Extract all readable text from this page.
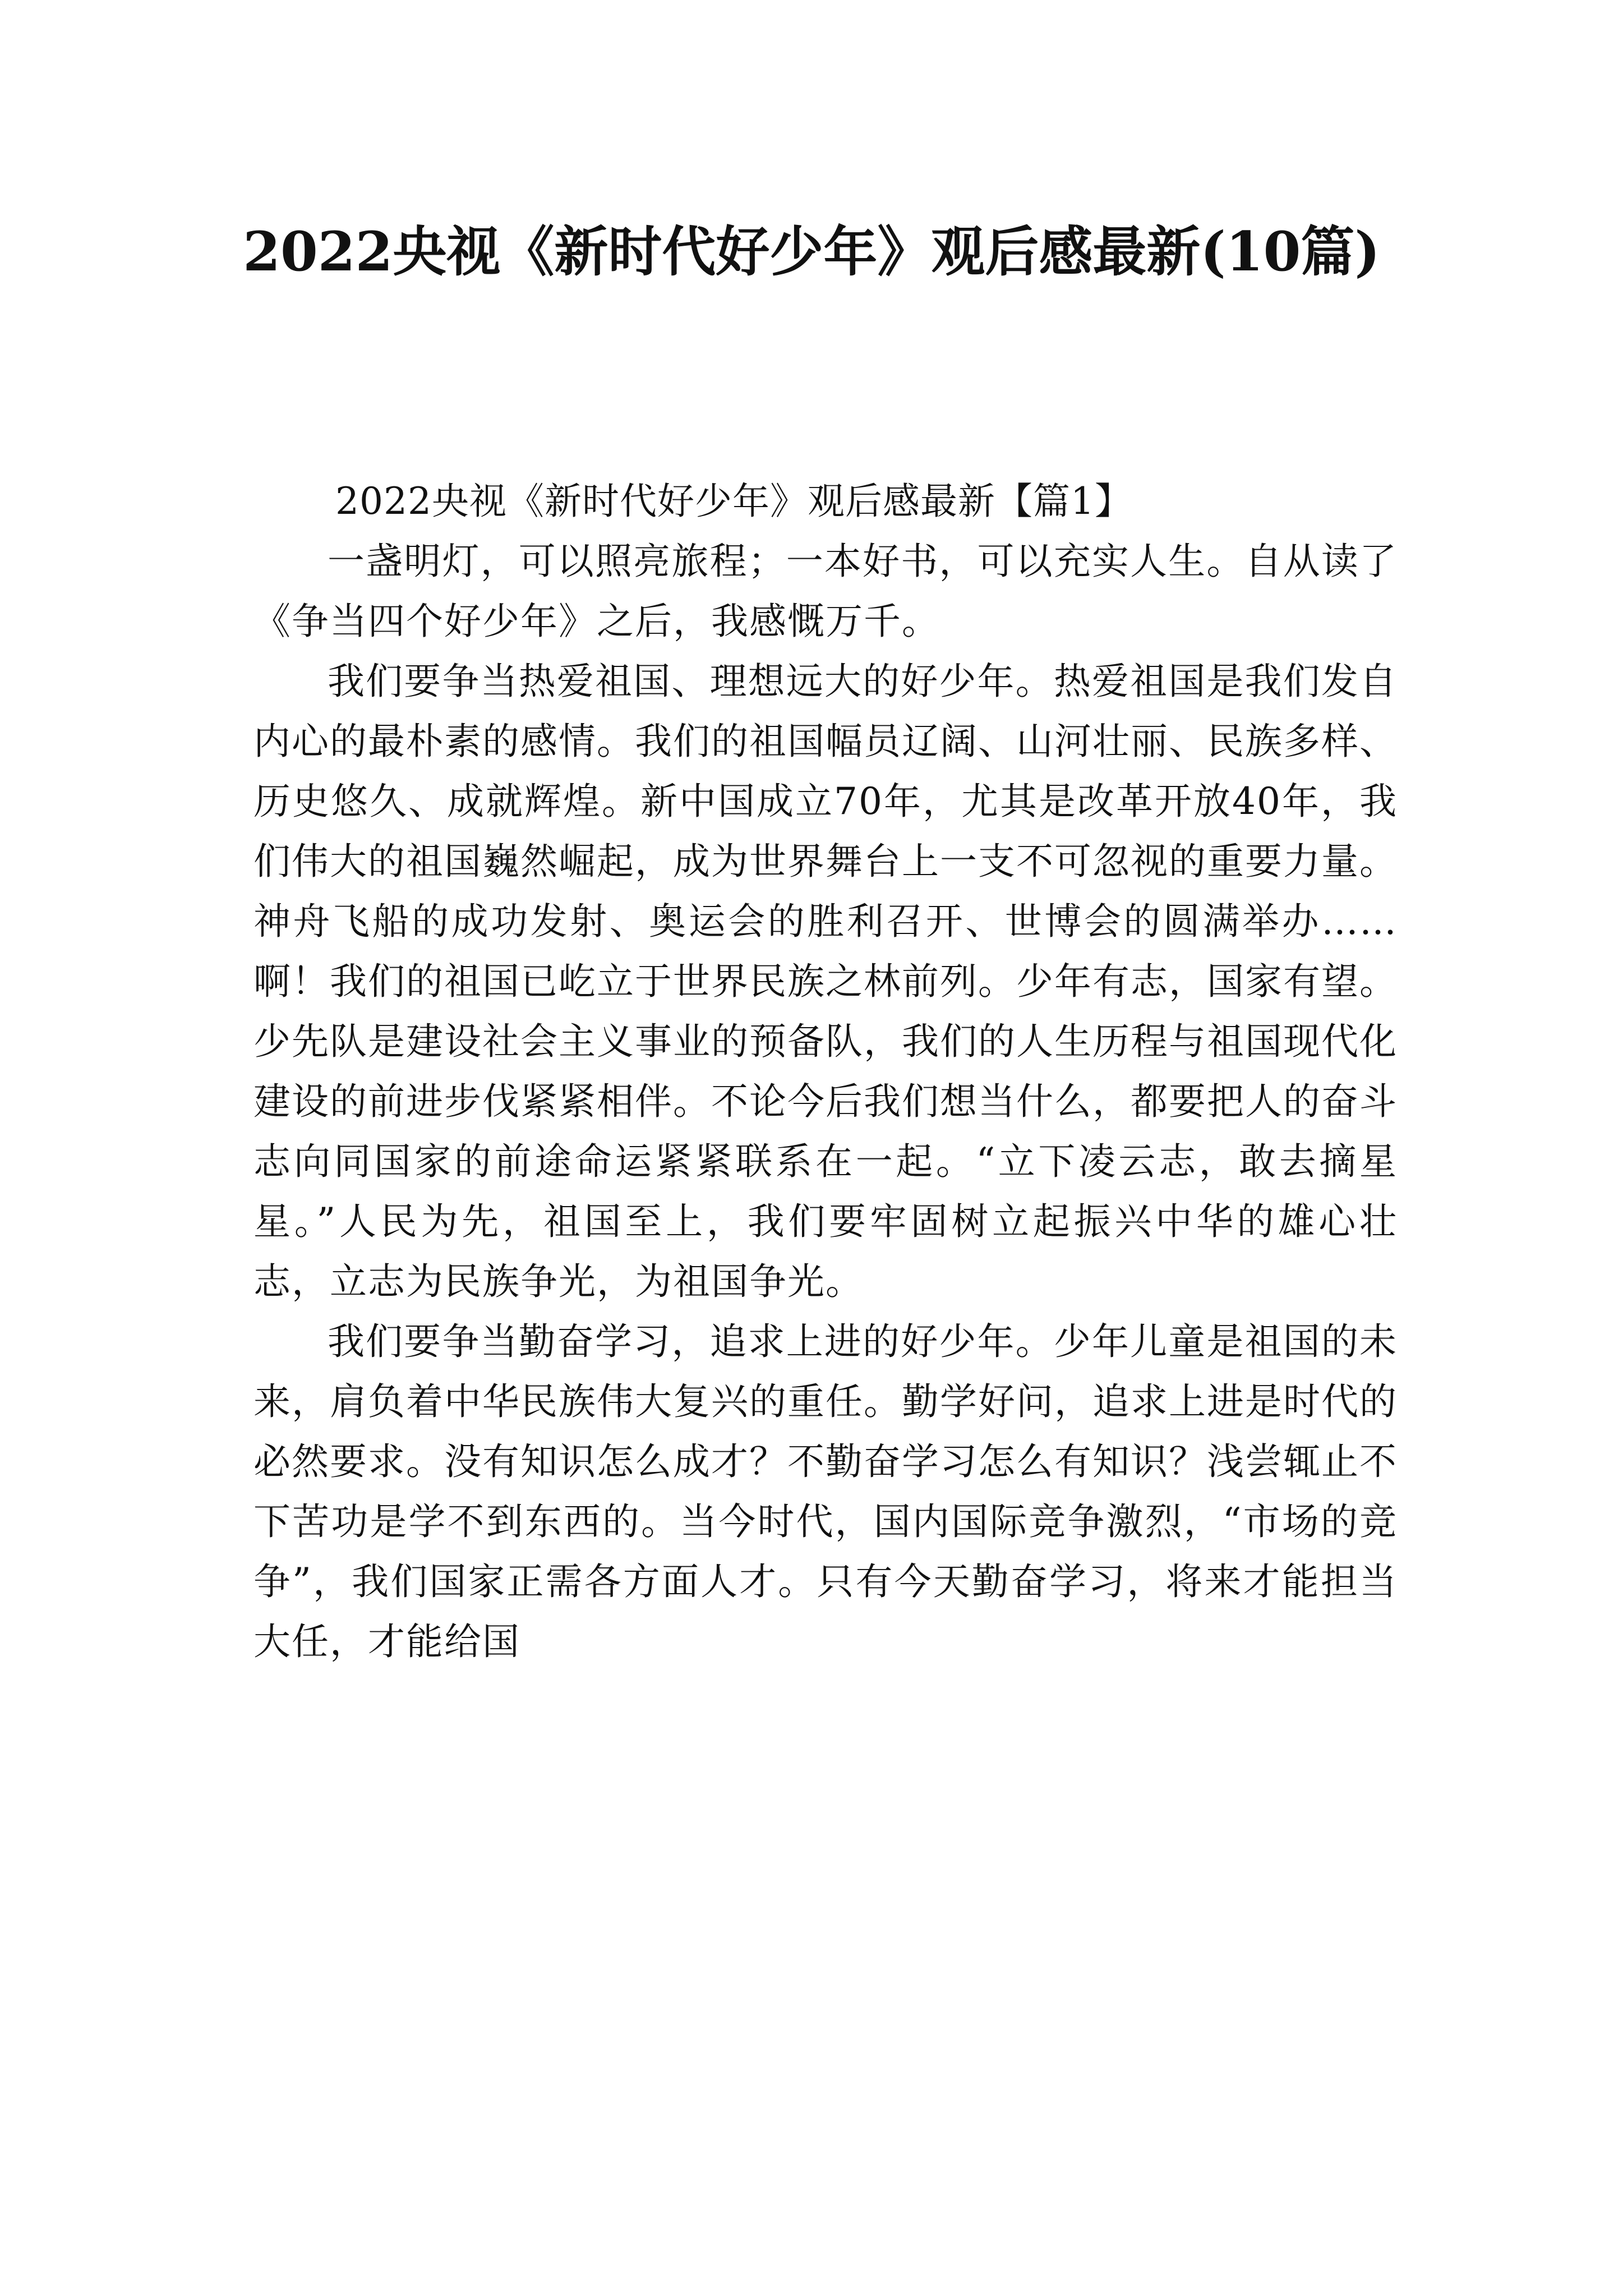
2022央视《新时代好少年》观后感最新(10篇)

2022央视《新时代好少年》观后感最新【篇1】

一盏明灯，可以照亮旅程；一本好书，可以充实人生。自从读了《争当四个好少年》之后，我感慨万千。

我们要争当热爱祖国、理想远大的好少年。热爱祖国是我们发自内心的最朴素的感情。我们的祖国幅员辽阔、山河壮丽、民族多样、历史悠久、成就辉煌。新中国成立70年，尤其是改革开放40年，我们伟大的祖国巍然崛起，成为世界舞台上一支不可忽视的重要力量。神舟飞船的成功发射、奥运会的胜利召开、世博会的圆满举办……啊！我们的祖国已屹立于世界民族之林前列。少年有志，国家有望。少先队是建设社会主义事业的预备队，我们的人生历程与祖国现代化建设的前进步伐紧紧相伴。不论今后我们想当什么，都要把人的奋斗志向同国家的前途命运紧紧联系在一起。“立下凌云志，敢去摘星星。”人民为先，祖国至上，我们要牢固树立起振兴中华的雄心壮志，立志为民族争光，为祖国争光。

我们要争当勤奋学习，追求上进的好少年。少年儿童是祖国的未来，肩负着中华民族伟大复兴的重任。勤学好问，追求上进是时代的必然要求。没有知识怎么成才？不勤奋学习怎么有知识？浅尝辄止不下苦功是学不到东西的。当今时代，国内国际竞争激烈，“市场的竞争”，我们国家正需各方面人才。只有今天勤奋学习，将来才能担当大任，才能给国
